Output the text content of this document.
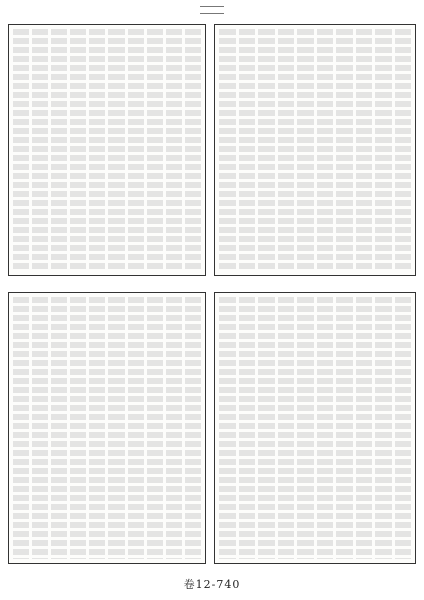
卷12-740
